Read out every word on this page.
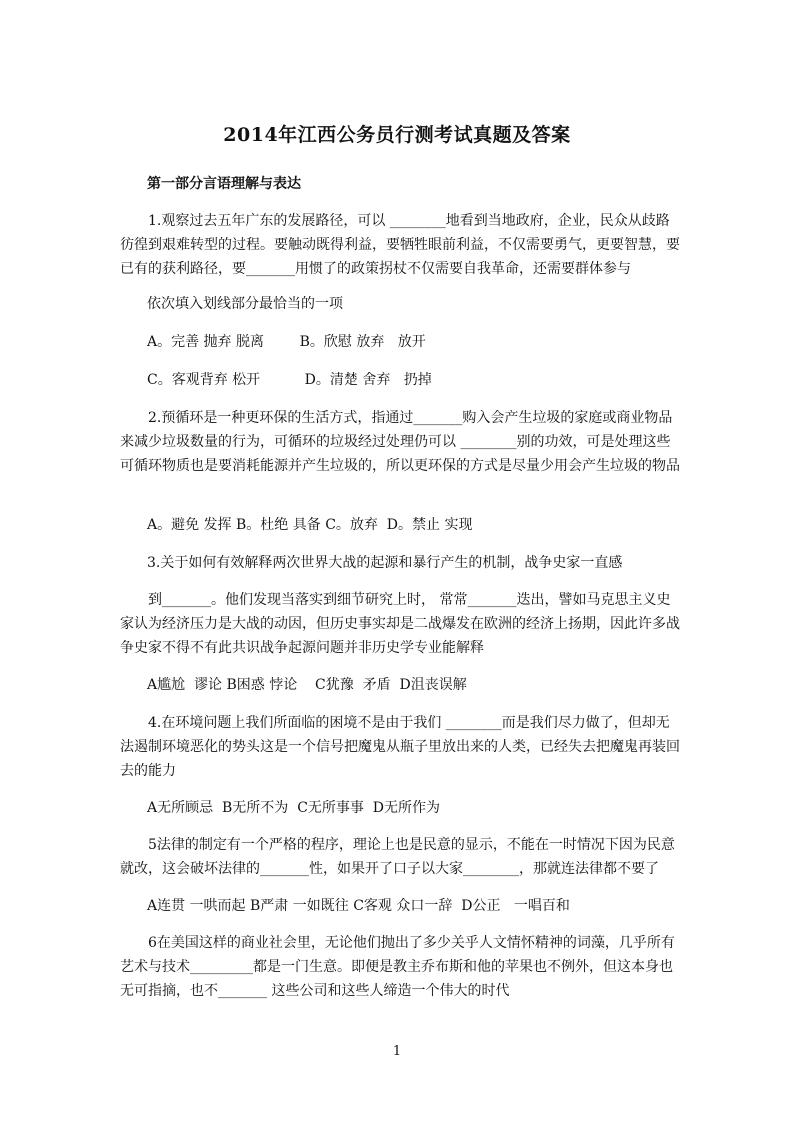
2014年江西公务员行测考试真题及答案
第一部分言语理解与表达
1.观察过去五年广东的发展路径，可以 ________地看到当地政府，企业，民众从歧路彷徨到艰难转型的过程。要触动既得利益，要牺牲眼前利益，不仅需要勇气，更要智慧，要已有的获利路径，要_______用惯了的政策拐杖不仅需要自我革命，还需要群体参与
依次填入划线部分最恰当的一项
A。完善 抛弃 脱离        B。欣慰 放弃   放开
C。客观背弃 松开          D。清楚 舍弃   扔掉
2.预循环是一种更环保的生活方式，指通过_______购入会产生垃圾的家庭或商业物品来减少垃圾数量的行为，可循环的垃圾经过处理仍可以 ________别的功效，可是处理这些可循环物质也是要消耗能源并产生垃圾的，所以更环保的方式是尽量少用会产生垃圾的物品
A。避免 发挥 B。杜绝 具备 C。放弃  D。禁止 实现
3.关于如何有效解释两次世界大战的起源和暴行产生的机制，战争史家一直感
到_______。他们发现当落实到细节研究上时， 常常_______迭出，譬如马克思主义史家认为经济压力是大战的动因，但历史事实却是二战爆发在欧洲的经济上扬期，因此许多战争史家不得不有此共识战争起源问题并非历史学专业能解释
A尴尬  谬论 B困惑 悖论    C犹豫  矛盾  D沮丧误解
4.在环境问题上我们所面临的困境不是由于我们 ________而是我们尽力做了，但却无法遏制环境恶化的势头这是一个信号把魔鬼从瓶子里放出来的人类，已经失去把魔鬼再装回去的能力
A无所顾忌  B无所不为  C无所事事  D无所作为
5法律的制定有一个严格的程序，理论上也是民意的显示，不能在一时情况下因为民意就改，这会破坏法律的_______性，如果开了口子以大家________，那就连法律都不要了
A连贯 一哄而起 B严肃 一如既往 C客观 众口一辞  D公正   一唱百和
6在美国这样的商业社会里，无论他们抛出了多少关乎人文情怀精神的词藻，几乎所有艺术与技术_________都是一门生意。即便是教主乔布斯和他的苹果也不例外，但这本身也无可指摘，也不_______ 这些公司和这些人缔造一个伟大的时代
1
